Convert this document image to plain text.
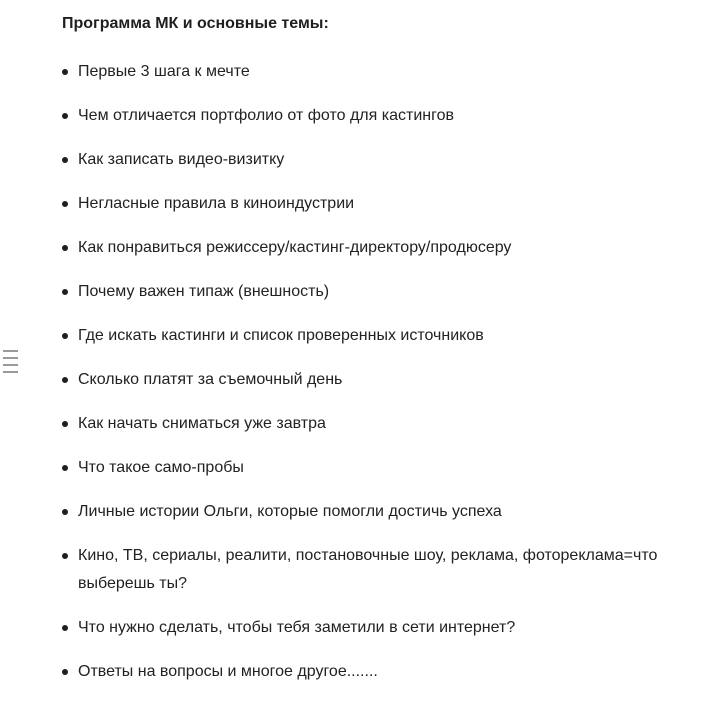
Программа МК и основные темы:
Первые 3 шага к мечте
Чем отличается портфолио от фото для кастингов
Как записать видео-визитку
Негласные правила в киноиндустрии
Как понравиться режиссеру/кастинг-директору/продюсеру
Почему важен типаж (внешность)
Где искать кастинги и список проверенных источников
Сколько платят за съемочный день
Как начать сниматься уже завтра
Что такое само-пробы
Личные истории Ольги, которые помогли достичь успеха
Кино, ТВ, сериалы, реалити, постановочные шоу, реклама, фотореклама=что выберешь ты?
Что нужно сделать, чтобы тебя заметили в сети интернет?
Ответы на вопросы и многое другое.......
